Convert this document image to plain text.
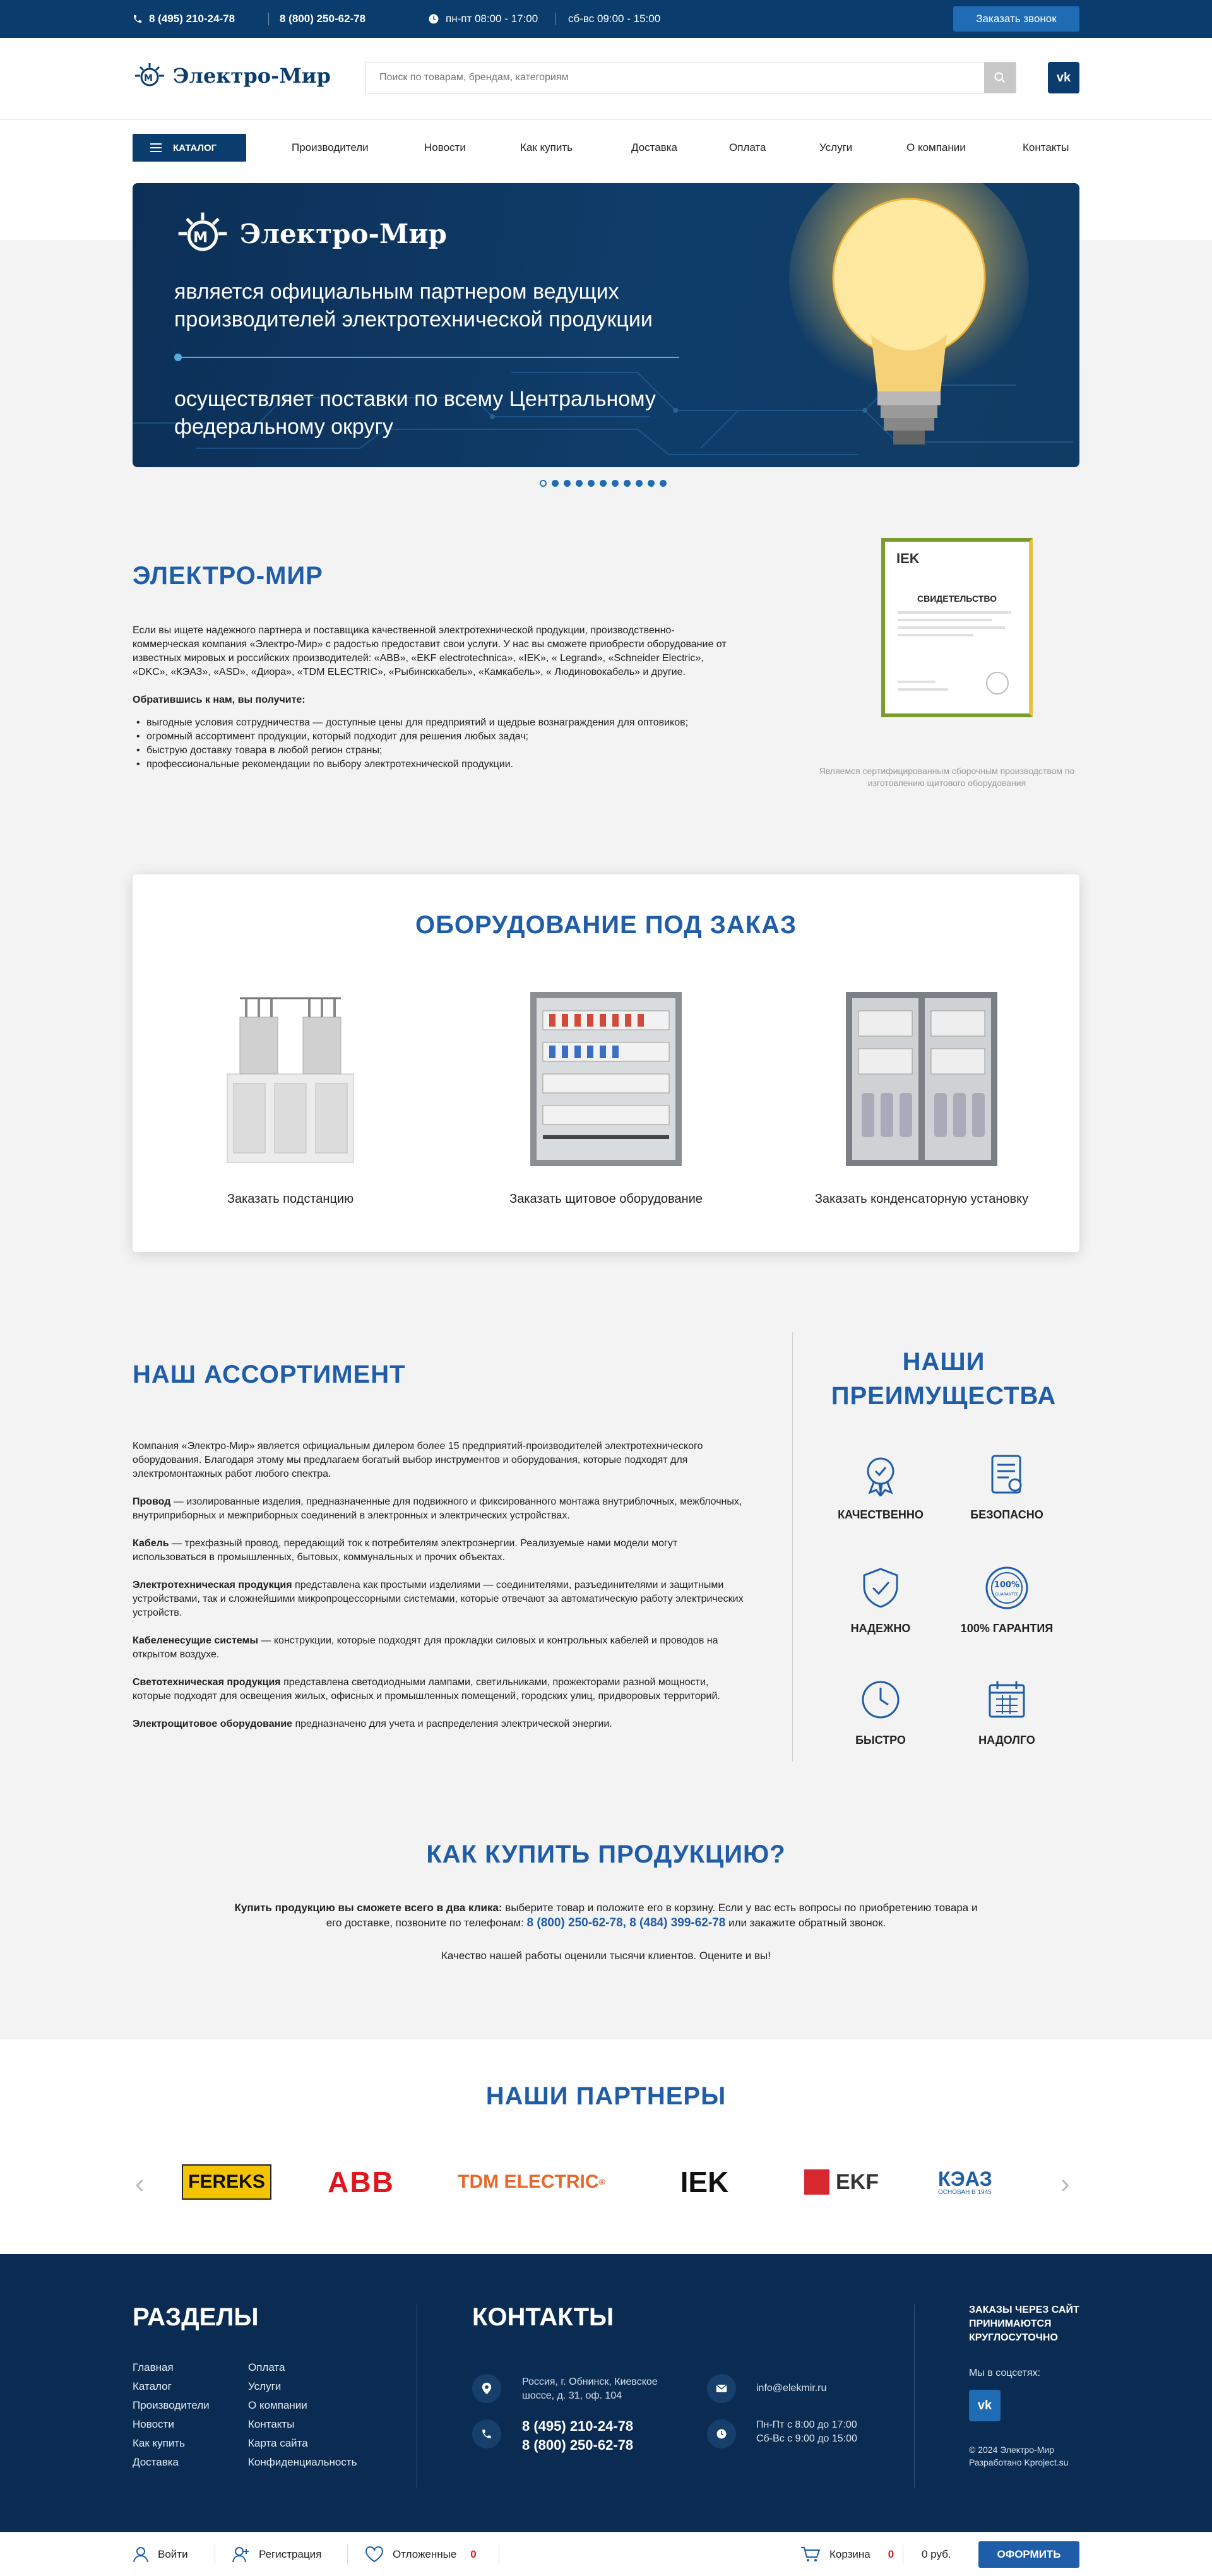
8 (495) 210-24-78	8 (800) 250-62-78	пн-пт 08:00 - 17:00	сб-вс 09:00 - 15:00	Заказать звонок
M Электро-Мир
Поиск по товарам, брендам, категориям	vk
КАТАЛОГ	Производители	Новости	Как купить	Доставка	Оплата	Услуги	О компании	Контакты
M Электро-Мир
является официальным партнером ведущих производителей электротехнической продукции
осуществляет поставки по всему Центральному федеральному округу
ЭЛЕКТРО-МИР

Если вы ищете надежного партнера и поставщика качественной электротехнической продукции, производственно-коммерческая компания «Электро-Мир» с радостью предоставит свои услуги. У нас вы сможете приобрести оборудование от известных мировых и российских производителей: «ABB», «EKF electrotechnica», «IEK», « Legrand», «Schneider Electric», «DKC», «КЭАЗ», «ASD», «Диора», «TDM ELECTRIC», «Рыбинсккабель», «Камкабель», « Людиновокабель» и другие.

Обратившись к нам, вы получите:

• выгодные условия сотрудничества — доступные цены для предприятий и щедрые вознаграждения для оптовиков;
• огромный ассортимент продукции, который подходит для решения любых задач;
• быструю доставку товара в любой регион страны;
• профессиональные рекомендации по выбору электротехнической продукции.
IEK
СВИДЕТЕЛЬСТВО
Являемся сертифицированным сборочным производством по изготовлению щитового оборудования
ОБОРУДОВАНИЕ ПОД ЗАКАЗ
Заказать подстанцию	Заказать щитовое оборудование	Заказать конденсаторную установку
НАШ АССОРТИМЕНТ

Компания «Электро-Мир» является официальным дилером более 15 предприятий-производителей электротехнического оборудования. Благодаря этому мы предлагаем богатый выбор инструментов и оборудования, которые подходят для электромонтажных работ любого спектра.

Провод — изолированные изделия, предназначенные для подвижного и фиксированного монтажа внутриблочных, межблочных, внутриприборных и межприборных соединений в электронных и электрических устройствах.

Кабель — трехфазный провод, передающий ток к потребителям электроэнергии. Реализуемые нами модели могут использоваться в промышленных, бытовых, коммунальных и прочих объектах.

Электротехническая продукция представлена как простыми изделиями — соединителями, разъединителями и защитными устройствами, так и сложнейшими микропроцессорными системами, которые отвечают за автоматическую работу электрических устройств.

Кабеленесущие системы — конструкции, которые подходят для прокладки силовых и контрольных кабелей и проводов на открытом воздухе.

Светотехническая продукция представлена светодиодными лампами, светильниками, прожекторами разной мощности, которые подходят для освещения жилых, офисных и промышленных помещений, городских улиц, придворовых территорий.

Электрощитовое оборудование предназначено для учета и распределения электрической энергии.

НАШИ ПРЕИМУЩЕСТВА
КАЧЕСТВЕННО	БЕЗОПАСНО
НАДЕЖНО
100%
GUARANTEE
100% ГАРАНТИЯ
БЫСТРО	НАДОЛГО
КАК КУПИТЬ ПРОДУКЦИЮ?
Купить продукцию вы сможете всего в два клика: выберите товар и положите его в корзину. Если у вас есть вопросы по приобретению товара и его доставке, позвоните по телефонам: 8 (800) 250-62-78, 8 (484) 399-62-78 или закажите обратный звонок.
Качество нашей работы оценили тысячи клиентов. Оцените и вы!
НАШИ ПАРТНЕРЫ
‹	›
FEREKS ABB	TDM ELECTRIC ®	IEK	EKF	КЭАЗ
ОСНОВАН В 1945
РАЗДЕЛЫ
Главная
Каталог
Производители
Новости
Как купить
Доставка
Оплата
Услуги
О компании
Контакты
Карта сайта
Конфиденциальность
КОНТАКТЫ
Россия, г. Обнинск, Киевское шоссе, д. 31, оф. 104
8 (495) 210-24-78
8 (800) 250-62-78
info@elekmir.ru
Пн-Пт с 8:00 до 17:00
Сб-Вс с 9:00 до 15:00
ЗАКАЗЫ ЧЕРЕЗ САЙТ ПРИНИМАЮТСЯ КРУГЛОСУТОЧНО
Мы в соцсетях:
vk
© 2024 Электро-Мир
Разработано Kproject.su
Войти	Регистрация	Отложенные 0	Корзина 0	0 руб.	ОФОРМИТЬ
